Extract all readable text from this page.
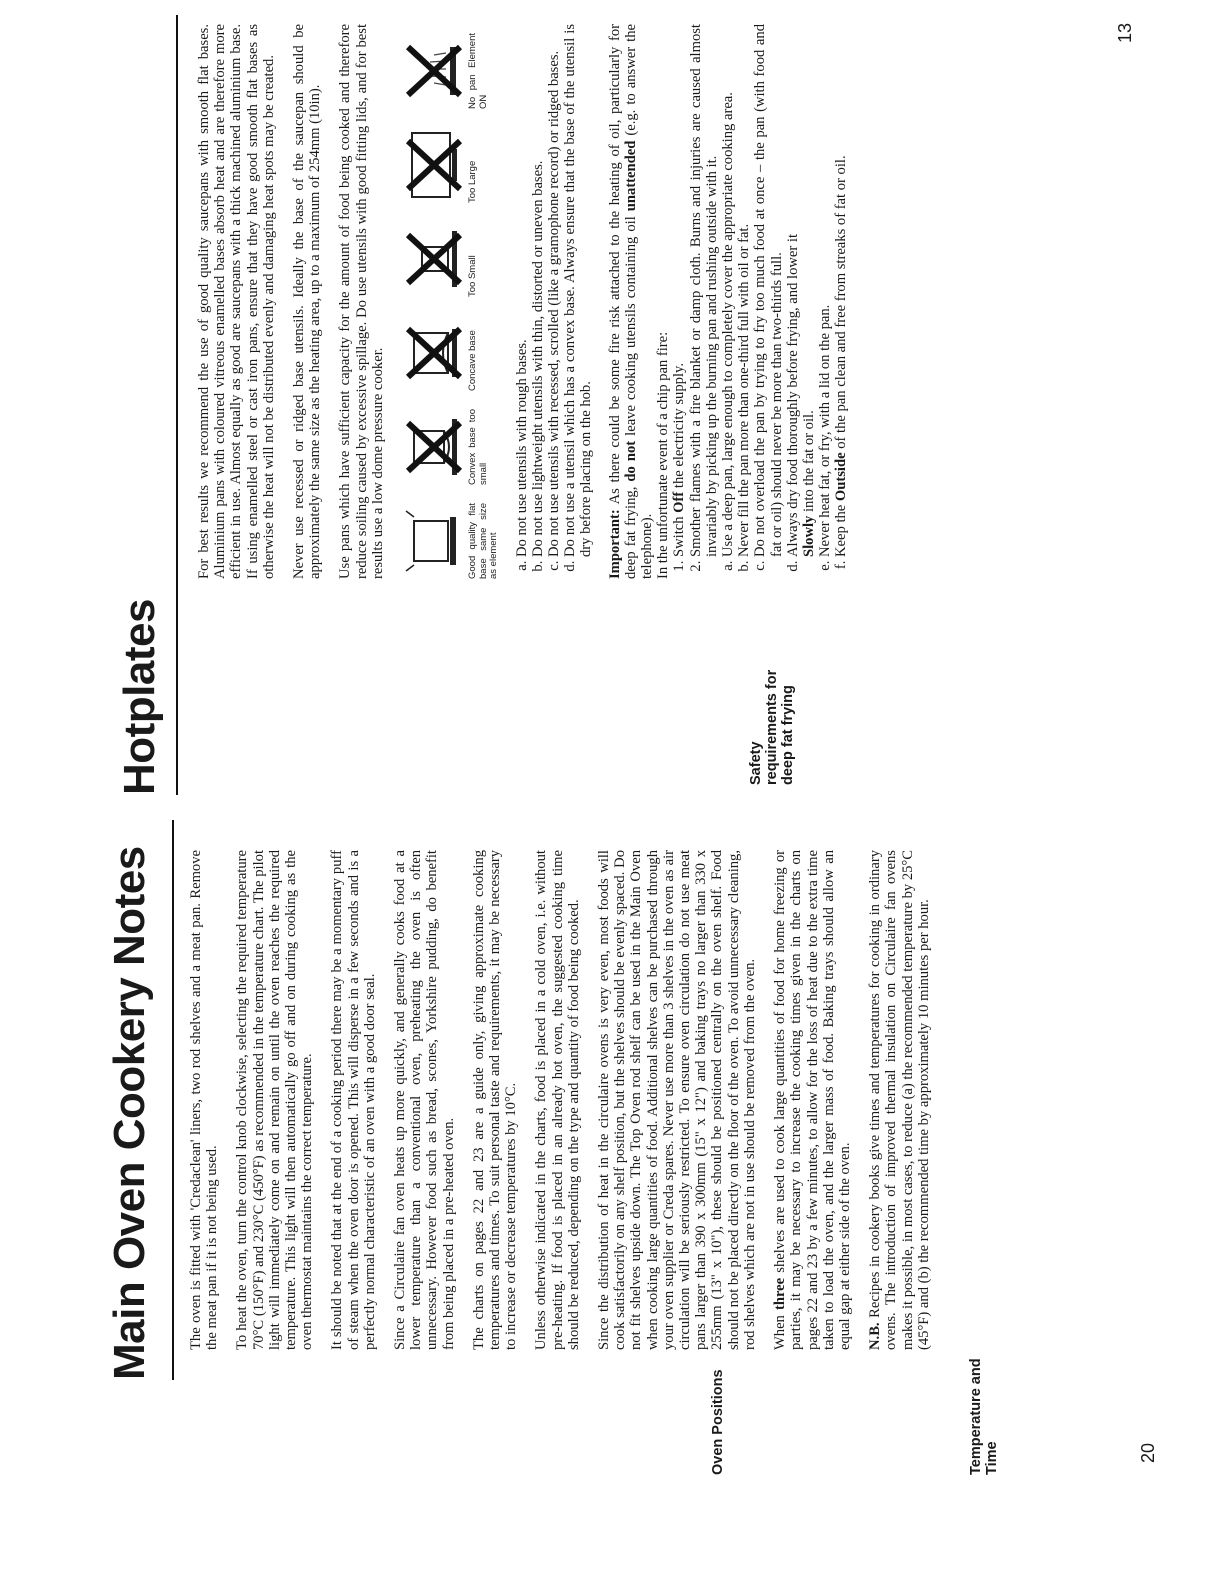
Main Oven Cookery Notes The oven is fitted with 'Credaclean' liners, two rod shelves and a meat pan. Remove the meat pan if it is not being used. To heat the oven, turn the control knob clockwise, selecting the required temperature 70°C (150°F) and 230°C (450°F) as recommended in the temperature chart. The pilot light will immediately come on and remain on until the oven reaches the required temperature. This light will then automatically go off and on during cooking as the oven thermostat maintains the correct temperature. It should be noted that at the end of a cooking period there may be a momentary puff of steam when the oven door is opened. This will disperse in a few seconds and is a perfectly normal characteristic of an oven with a good door seal. Since a Circulaire fan oven heats up more quickly, and generally cooks food at a lower temperature than a conventional oven, preheating the oven is often unnecessary. However food such as bread, scones, Yorkshire pudding, do benefit from being placed in a pre-heated oven. The charts on pages 22 and 23 are a guide only, giving approximate cooking temperatures and times. To suit personal taste and requirements, it may be necessary to increase or decrease temperatures by 10°C. Unless otherwise indicated in the charts, food is placed in a cold oven, i.e. without pre-heating. If food is placed in an already hot oven, the suggested cooking time should be reduced, depending on the type and quantity of food being cooked. Since the distribution of heat in the circulaire ovens is very even, most foods will cook satisfactorily on any shelf position, but the shelves should be evenly spaced. Do not fit shelves upside down. The Top Oven rod shelf can be used in the Main Oven when cooking large quantities of food. Additional shelves can be purchased through your oven supplier or Creda spares. Never use more than 3 shelves in the oven as air circulation will be seriously restricted. To ensure oven circulation do not use meat pans larger than 390 x 300mm (15" x 12") and baking trays no larger than 330 x 255mm (13" x 10"), these should be positioned centrally on the oven shelf. Food should not be placed directly on the floor of the oven. To avoid unnecessary cleaning, rod shelves which are not in use should be removed from the oven. When three shelves are used to cook large quantities of food for home freezing or parties, it may be necessary to increase the cooking times given in the charts on pages 22 and 23 by a few minutes, to allow for the loss of heat due to the extra time taken to load the oven, and the larger mass of food. Baking trays should allow an equal gap at either side of the oven. N.B. Recipes in cookery books give times and temperatures for cooking in ordinary ovens. The introduction of improved thermal insulation on Circulaire fan ovens makes it possible, in most cases, to reduce (a) the recommended temperature by 25°C (45°F) and (b) the recommended time by approximately 10 minutes per hour.

Oven Positions	Temperature and Time	20
Hotplates

For best results we recommend the use of good quality saucepans with smooth flat bases. Aluminium pans with coloured vitreous enamelled bases absorb heat and are therefore more efficient in use. Almost equally as good are saucepans with a thick machined aluminium base. If using enamelled steel or cast iron pans, ensure that they have good smooth flat bases as otherwise the heat will not be distributed evenly and damaging heat spots may be created. Never use recessed or ridged base utensils. Ideally the base of the saucepan should be approximately the same size as the heating area, up to a maximum of 254mm (10in). Use pans which have sufficient capacity for the amount of food being cooked and therefore reduce soiling caused by excessive spillage. Do use utensils with good fitting lids, and for best results use a low dome pressure cooker.	Good quality flat base same size as element
Convex base too small
Concave base
Too Small
Too Large
No pan Element ON
a. Do not use utensils with rough bases. b. Do not use lightweight utensils with thin, distorted or uneven bases. c. Do not use utensils with recessed, scrolled (like a gramophone record) or ridged bases. d. Do not use a utensil which has a convex base. Always ensure that the base of the utensil is dry before placing on the hob. Important: As there could be some fire risk attached to the heating of oil, particularly for deep fat frying, do not leave cooking utensils containing oil unattended (e.g. to answer the telephone). In the unfortunate event of a chip pan fire: 1. Switch Off the electricity supply. 2. Smother flames with a fire blanket or damp cloth. Burns and injuries are caused almost invariably by picking up the burning pan and rushing outside with it. a. Use a deep pan, large enough to completely cover the appropriate cooking area. b. Never fill the pan more than one-third full with oil or fat. c. Do not overload the pan by trying to fry too much food at once – the pan (with food and fat or oil) should never be more than two-thirds full. d. Always dry food thoroughly before frying, and lower it
Slowly into the fat or oil. e. Never heat fat, or fry, with a lid on the pan. f. Keep the Outside of the pan clean and free from streaks of fat or oil.
Safety requirements for deep fat frying
13
